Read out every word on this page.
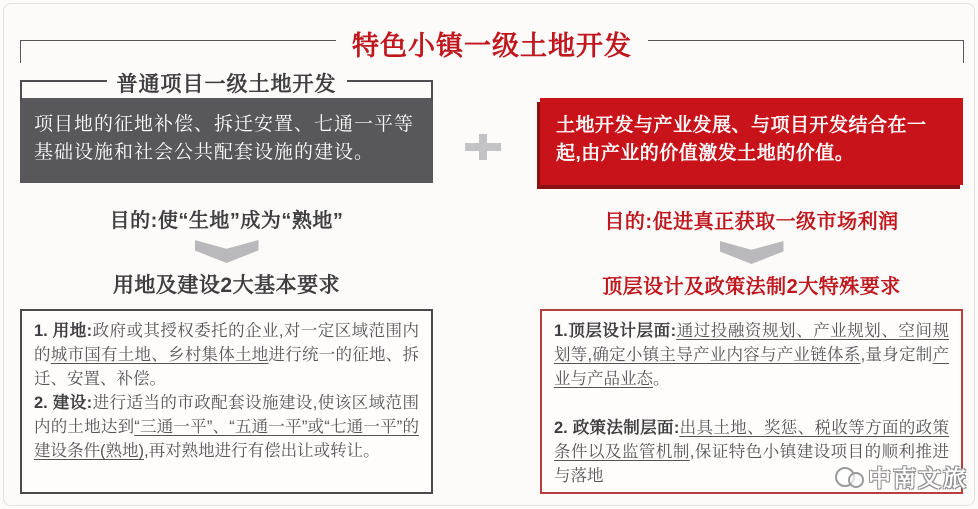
特色小镇一级土地开发
普通项目一级土地开发
项目地的征地补偿、拆迁安置、七通一平等基础设施和社会公共配套设施的建设。
目的:使“生地”成为“熟地”
用地及建设2大基本要求
1. 用地:政府或其授权委托的企业,对一定区域范围内的城市国有土地、乡村集体土地进行统一的征地、拆迁、安置、补偿。
2. 建设:进行适当的市政配套设施建设,使该区域范围内的土地达到“三通一平”、“五通一平”或“七通一平”的建设条件(熟地),再对熟地进行有偿出让或转让。
土地开发与产业发展、与项目开发结合在一起,由产业的价值激发土地的价值。
目的:促进真正获取一级市场利润
顶层设计及政策法制2大特殊要求
1.顶层设计层面:通过投融资规划、产业规划、空间规划等,确定小镇主导产业内容与产业链体系,量身定制产业与产品业态。
2. 政策法制层面:出具土地、奖惩、税收等方面的政策条件以及监管机制,保证特色小镇建设项目的顺利推进与落地	中南文旅
